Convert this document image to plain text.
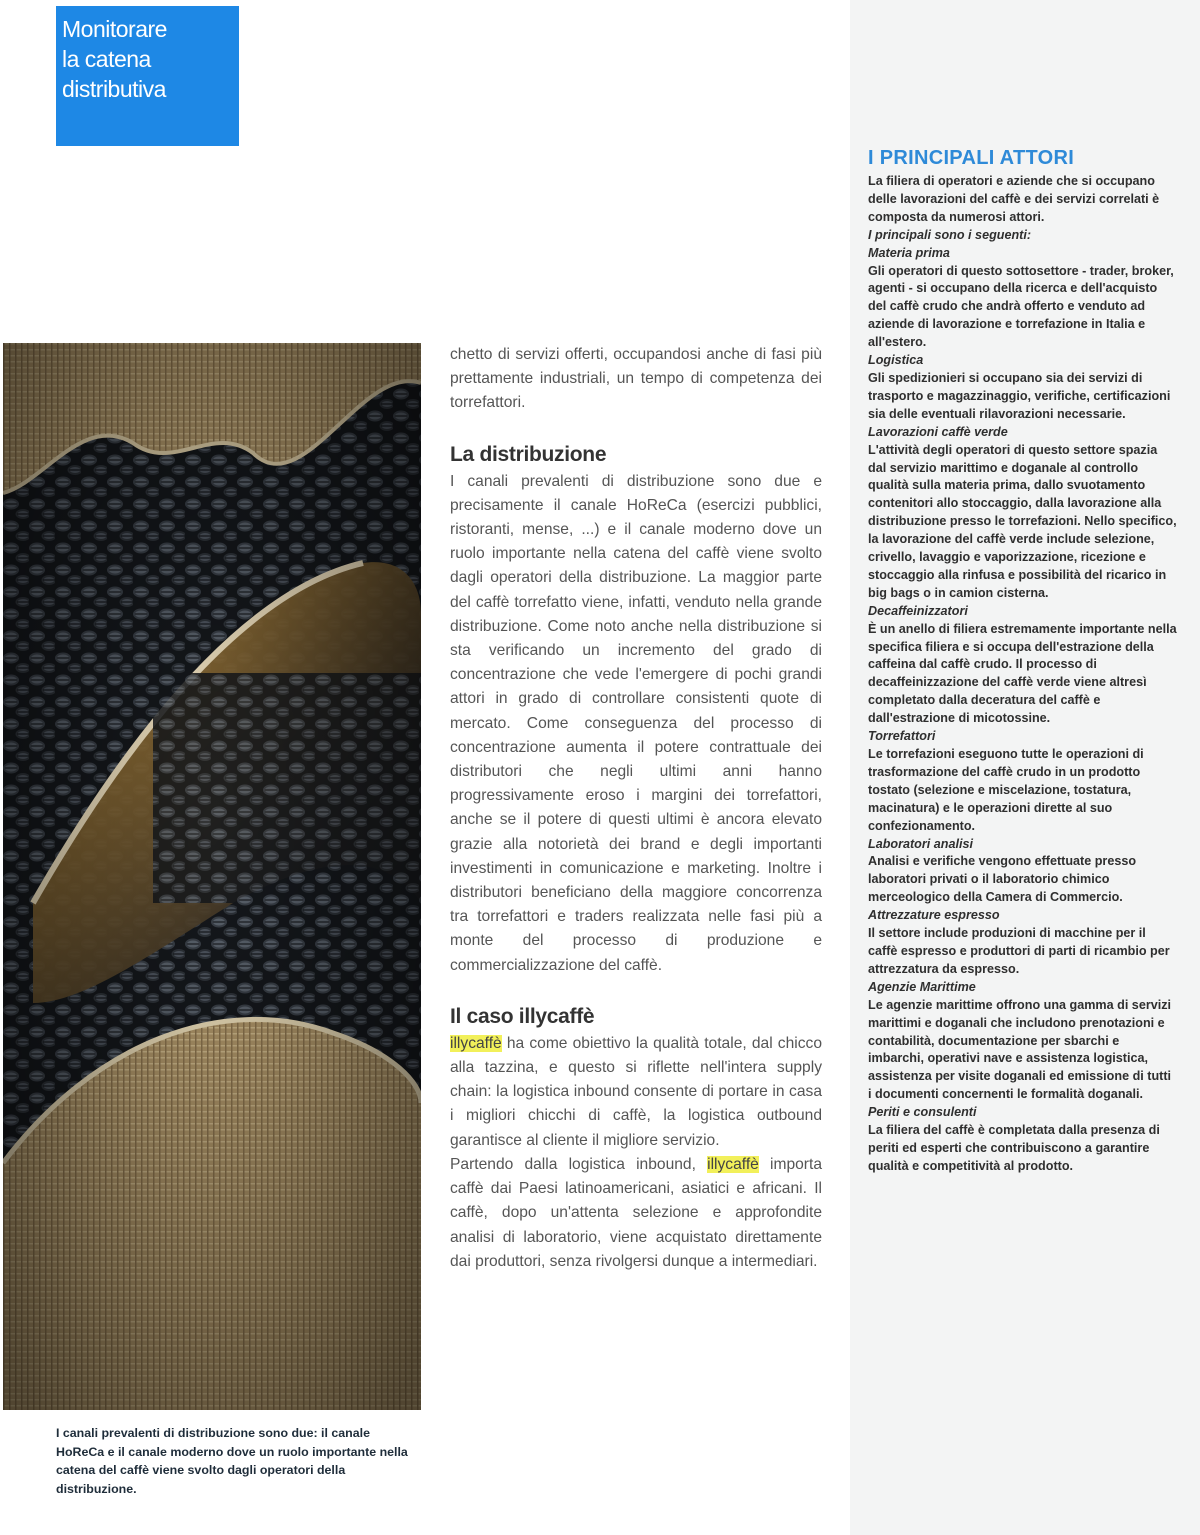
Monitorare
la catena
distributiva

I canali prevalenti di distribuzione sono due: il canale HoReCa e il canale moderno dove un ruolo importante nella catena del caffè viene svolto dagli operatori della distribuzione.

chetto di servizi offerti, occupandosi anche di fasi più prettamente industriali, un tempo di competenza dei torrefattori.

La distribuzione

I canali prevalenti di distribuzione sono due e precisamente il canale HoReCa (esercizi pubblici, ristoranti, mense, ...) e il canale moderno dove un ruolo importante nella catena del caffè viene svolto dagli operatori della distribuzione. La maggior parte del caffè torrefatto viene, infatti, venduto nella grande distribuzione. Come noto anche nella distribuzione si sta verificando un incremento del grado di concentrazione che vede l'emergere di pochi grandi attori in grado di controllare consistenti quote di mercato. Come conseguenza del processo di concentrazione aumenta il potere contrattuale dei distributori che negli ultimi anni hanno progressivamente eroso i margini dei torrefattori, anche se il potere di questi ultimi è ancora elevato grazie alla notorietà dei brand e degli importanti investimenti in comunicazione e marketing. Inoltre i distributori beneficiano della maggiore concorrenza tra torrefattori e traders realizzata nelle fasi più a monte del processo di produzione e commercializzazione del caffè.

Il caso illycaffè

illycaffè ha come obiettivo la qualità totale, dal chicco alla tazzina, e questo si riflette nell'intera supply chain: la logistica inbound consente di portare in casa i migliori chicchi di caffè, la logistica outbound garantisce al cliente il migliore servizio.

Partendo dalla logistica inbound, illycaffè importa caffè dai Paesi latinoamericani, asiatici e africani. Il caffè, dopo un'attenta selezione e approfondite analisi di laboratorio, viene acquistato direttamente dai produttori, senza rivolgersi dunque a intermediari.

I PRINCIPALI ATTORI

La filiera di operatori e aziende che si occupano delle lavorazioni del caffè e dei servizi correlati è composta da numerosi attori.

I principali sono i seguenti:

Materia prima

Gli operatori di questo sottosettore - trader, broker, agenti - si occupano della ricerca e dell'acquisto del caffè crudo che andrà offerto e venduto ad aziende di lavorazione e torrefazione in Italia e all'estero.

Logistica

Gli spedizionieri si occupano sia dei servizi di trasporto e magazzinaggio, verifiche, certificazioni sia delle eventuali rilavorazioni necessarie.

Lavorazioni caffè verde

L'attività degli operatori di questo settore spazia dal servizio marittimo e doganale al controllo qualità sulla materia prima, dallo svuotamento contenitori allo stoccaggio, dalla lavorazione alla distribuzione presso le torrefazioni. Nello specifico, la lavorazione del caffè verde include selezione, crivello, lavaggio e vaporizzazione, ricezione e stoccaggio alla rinfusa e possibilità del ricarico in big bags o in camion cisterna.

Decaffeinizzatori

È un anello di filiera estremamente importante nella specifica filiera e si occupa dell'estrazione della caffeina dal caffè crudo. Il processo di decaffeinizzazione del caffè verde viene altresì completato dalla deceratura del caffè e dall'estrazione di micotossine.

Torrefattori

Le torrefazioni eseguono tutte le operazioni di trasformazione del caffè crudo in un prodotto tostato (selezione e miscelazione, tostatura, macinatura) e le operazioni dirette al suo confezionamento.

Laboratori analisi

Analisi e verifiche vengono effettuate presso laboratori privati o il laboratorio chimico merceologico della Camera di Commercio.

Attrezzature espresso

Il settore include produzioni di macchine per il caffè espresso e produttori di parti di ricambio per attrezzatura da espresso.

Agenzie Marittime

Le agenzie marittime offrono una gamma di servizi marittimi e doganali che includono prenotazioni e contabilità, documentazione per sbarchi e imbarchi, operativi nave e assistenza logistica, assistenza per visite doganali ed emissione di tutti i documenti concernenti le formalità doganali.

Periti e consulenti

La filiera del caffè è completata dalla presenza di periti ed esperti che contribuiscono a garantire qualità e competitività al prodotto.
